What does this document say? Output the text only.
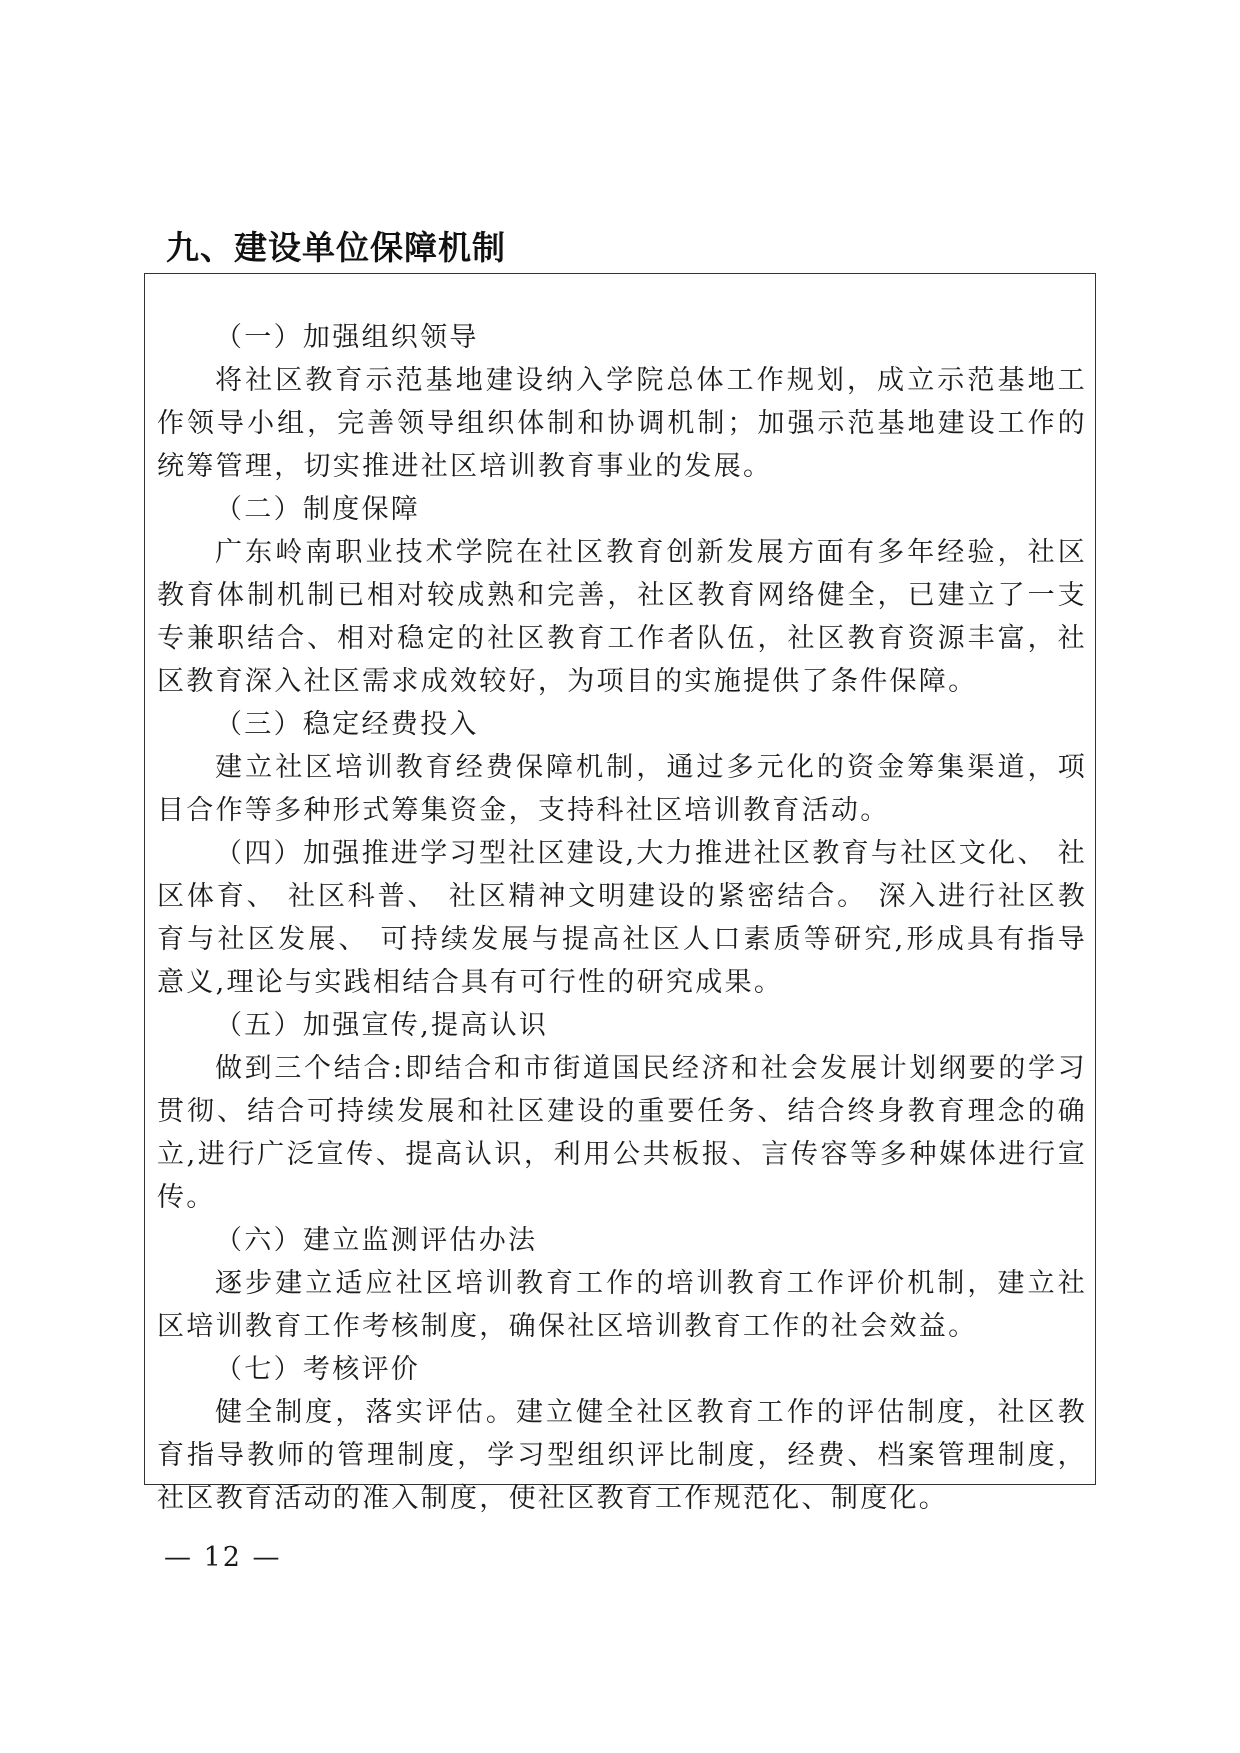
九、建设单位保障机制

（一）加强组织领导

将社区教育示范基地建设纳入学院总体工作规划，成立示范基地工作领导小组，完善领导组织体制和协调机制；加强示范基地建设工作的统筹管理，切实推进社区培训教育事业的发展。

（二）制度保障

广东岭南职业技术学院在社区教育创新发展方面有多年经验，社区教育体制机制已相对较成熟和完善，社区教育网络健全，已建立了一支专兼职结合、相对稳定的社区教育工作者队伍，社区教育资源丰富，社区教育深入社区需求成效较好，为项目的实施提供了条件保障。

（三）稳定经费投入

建立社区培训教育经费保障机制，通过多元化的资金筹集渠道，项目合作等多种形式筹集资金，支持科社区培训教育活动。

（四）加强推进学习型社区建设,大力推进社区教育与社区文化、 社区体育、 社区科普、 社区精神文明建设的紧密结合。 深入进行社区教育与社区发展、 可持续发展与提高社区人口素质等研究,形成具有指导意义,理论与实践相结合具有可行性的研究成果。

（五）加强宣传,提高认识

做到三个结合:即结合和市街道国民经济和社会发展计划纲要的学习贯彻、结合可持续发展和社区建设的重要任务、结合终身教育理念的确立,进行广泛宣传、提高认识，利用公共板报、言传容等多种媒体进行宣传。

（六）建立监测评估办法

逐步建立适应社区培训教育工作的培训教育工作评价机制，建立社区培训教育工作考核制度，确保社区培训教育工作的社会效益。

（七）考核评价

健全制度，落实评估。建立健全社区教育工作的评估制度，社区教育指导教师的管理制度，学习型组织评比制度，经费、档案管理制度，社区教育活动的准入制度，使社区教育工作规范化、制度化。

— 12 —
